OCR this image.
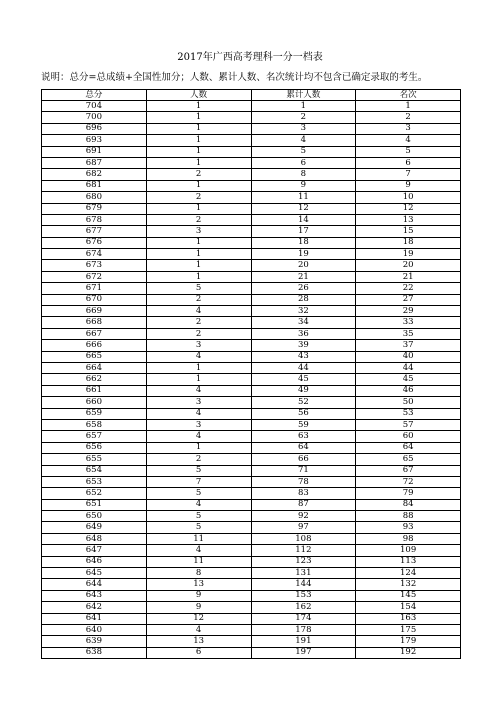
2017年广西高考理科一分一档表
说明：总分=总成绩+全国性加分；人数、累计人数、名次统计均不包含已确定录取的考生。
总分	人数	累计人数	名次
704	1	1	1
700	1	2	2
696	1	3	3
693	1	4	4
691	1	5	5
687	1	6	6
682	2	8	7
681	1	9	9
680	2	11	10
679	1	12	12
678	2	14	13
677	3	17	15
676	1	18	18
674	1	19	19
673	1	20	20
672	1	21	21
671	5	26	22
670	2	28	27
669	4	32	29
668	2	34	33
667	2	36	35
666	3	39	37
665	4	43	40
664	1	44	44
662	1	45	45
661	4	49	46
660	3	52	50
659	4	56	53
658	3	59	57
657	4	63	60
656	1	64	64
655	2	66	65
654	5	71	67
653	7	78	72
652	5	83	79
651	4	87	84
650	5	92	88
649	5	97	93
648	11	108	98
647	4	112	109
646	11	123	113
645	8	131	124
644	13	144	132
643	9	153	145
642	9	162	154
641	12	174	163
640	4	178	175
639	13	191	179
638	6	197	192
